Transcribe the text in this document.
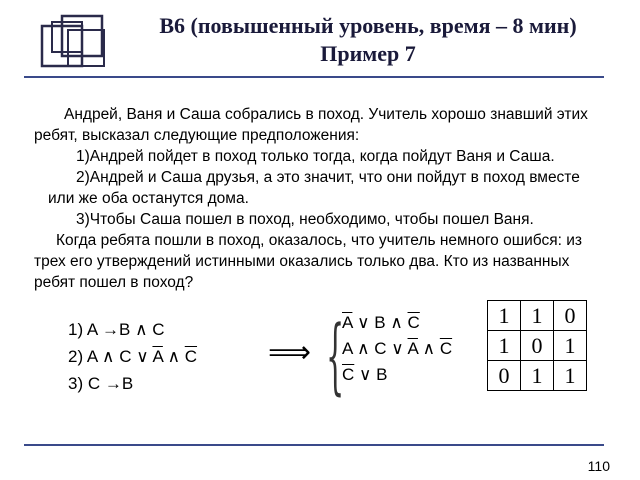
B6 (повышенный уровень, время – 8 мин)
Пример 7

Андрей, Ваня и Саша собрались в поход. Учитель хорошо знавший этих ребят, высказал следующие предположения:

1)Андрей пойдет в поход только тогда, когда пойдут Ваня и Саша.

2)Андрей и Саша друзья, а это значит, что они пойдут в поход вместе или же оба останутся дома.

3)Чтобы Саша пошел в поход, необходимо, чтобы пошел Ваня.

Когда ребята пошли в поход, оказалось, что учитель немного ошибся: из трех его утверждений истинными оказались только два. Кто из названных ребят пошел в поход?

1) A →B ∧ C
2) A ∧ C ∨ $\overline{A}$ ∧ $\overline{C}$
3) C →B
⟹ {
$\overline{A}$ ∨ B ∧ $\overline{C}$
A ∧ C ∨ $\overline{A}$ ∧ $\overline{C}$
$\overline{C}$ ∨ B
1	1	0
1	0	1
0	1	1
110
